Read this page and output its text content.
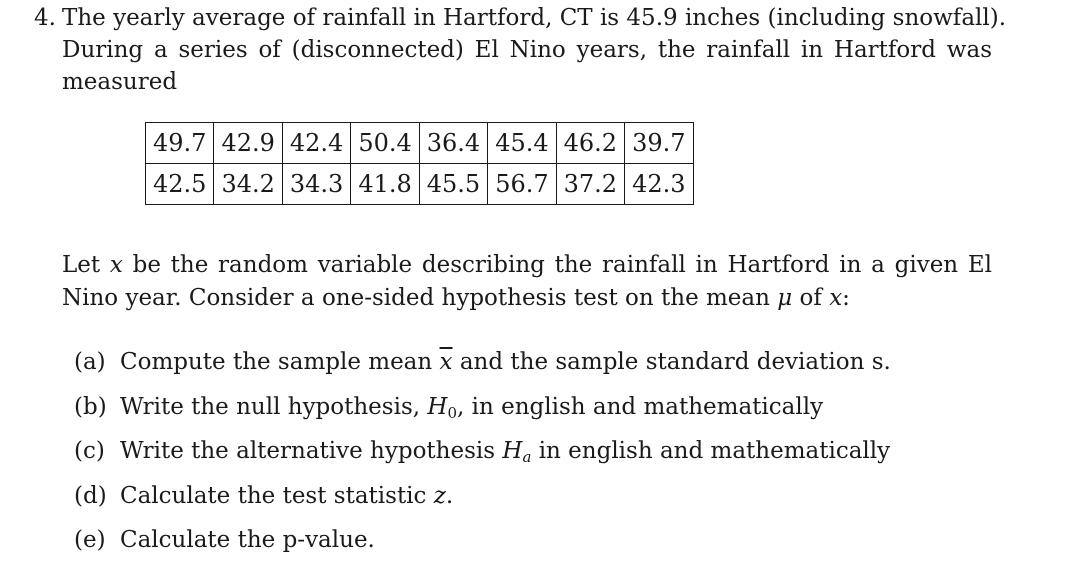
4. The yearly average of rainfall in Hartford, CT is 45.9 inches (including snowfall).
During a series of (disconnected) El Nino years, the rainfall in Hartford was
measured
49.7	42.9	42.4	50.4	36.4	45.4	46.2	39.7
42.5	34.2	34.3	41.8	45.5	56.7	37.2	42.3
Let x be the random variable describing the rainfall in Hartford in a given El
Nino year. Consider a one-sided hypothesis test on the mean μ of x:
(a) Compute the sample mean $\overline{x}$ and the sample standard deviation s.
(b) Write the null hypothesis, $H_0$, in english and mathematically
(c) Write the alternative hypothesis $H_a$ in english and mathematically
(d) Calculate the test statistic z.
(e) Calculate the p-value.
